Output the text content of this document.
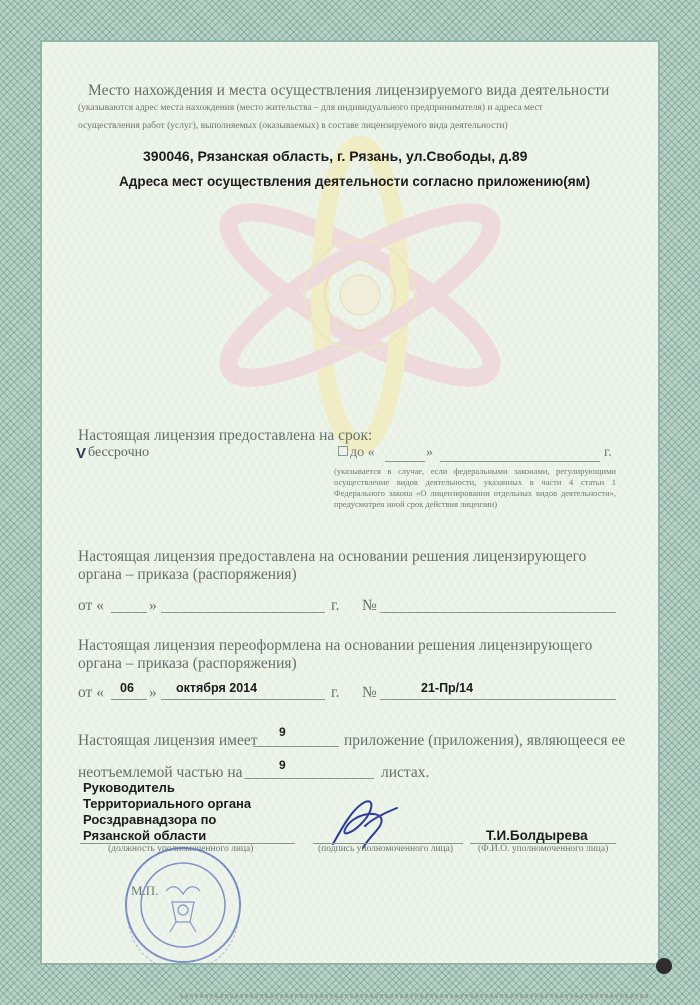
Место нахождения и места осуществления лицензируемого вида деятельности
(указываются адрес места нахождения (место жительства – для индивидуального предпринимателя) и адреса мест
осуществления работ (услуг), выполняемых (оказываемых) в составе лицензируемого вида деятельности)
390046, Рязанская область, г. Рязань, ул.Свободы, д.89
Адреса мест осуществления деятельности согласно приложению(ям)
Настоящая лицензия предоставлена на срок:
V бессрочно	до «	»	г.
(указывается в случае, если федеральными законами, регулирующими осуществление видов деятельности, указанных в части 4 статьи 1 Федерального закона «О лицензировании отдельных видов деятельности», предусмотрен иной срок действия лицензии)
Настоящая лицензия предоставлена на основании решения лицензирующего
органа – приказа (распоряжения)
от «	»	г. №
Настоящая лицензия переоформлена на основании решения лицензирующего
органа – приказа (распоряжения)
от « 06 » октября 2014	г. №	21-Пр/14
Настоящая лицензия имеет 9	приложение (приложения), являющееся ее
неотъемлемой частью на	9	листах.
Руководитель
Территориального органа
Росздравнадзора по
Рязанской области
(должность уполномоченного лица)	(подпись уполномоченного лица)
Т.И.Болдырева
(Ф.И.О. уполномоченного лица)
М.П.
